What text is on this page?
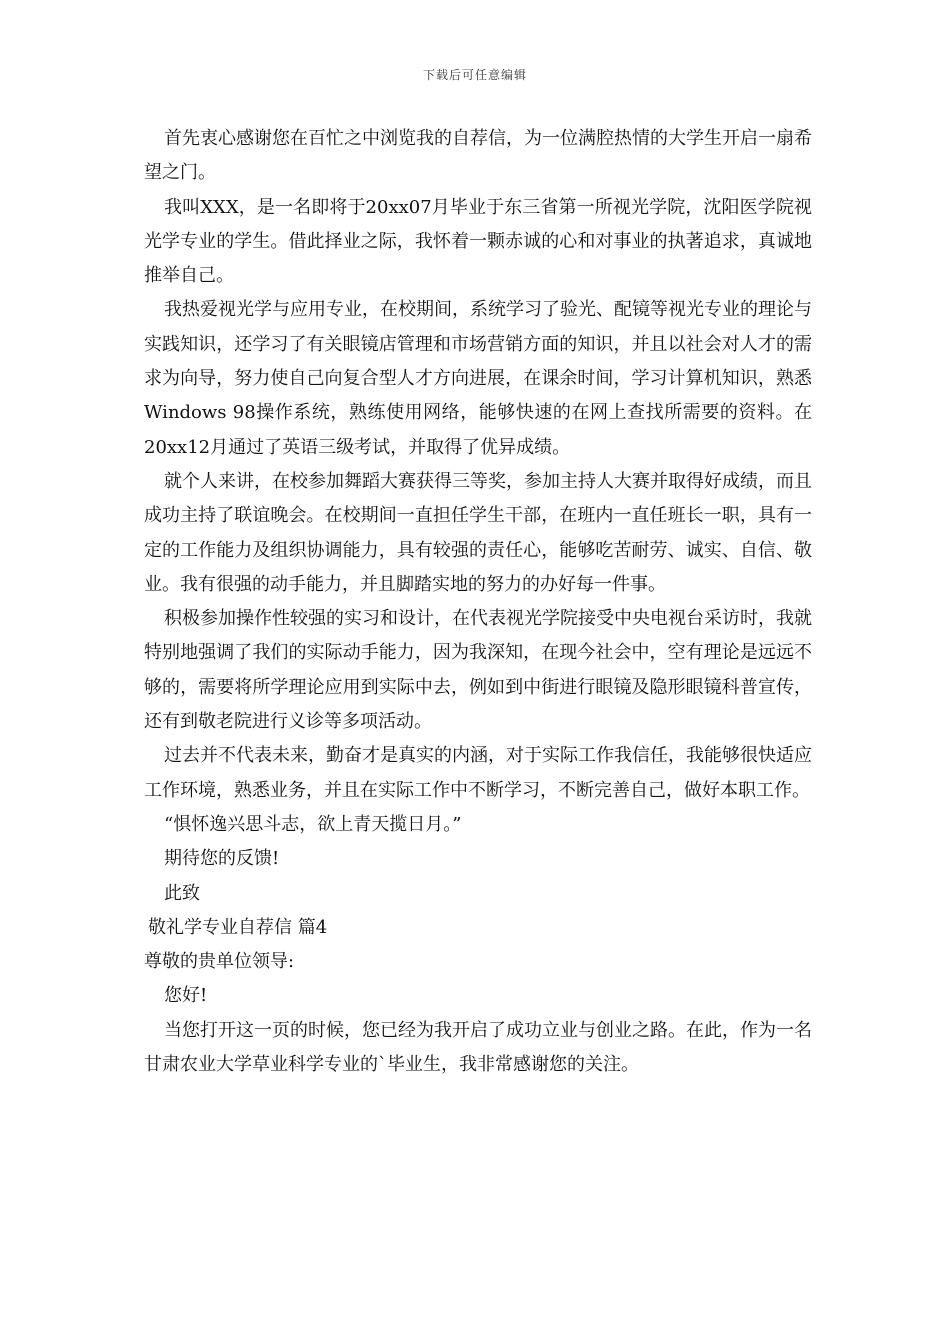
下载后可任意编辑

首先衷心感谢您在百忙之中浏览我的自荐信，为一位满腔热情的大学生开启一扇希望之门。

我叫XXX，是一名即将于20xx07月毕业于东三省第一所视光学院，沈阳医学院视光学专业的学生。借此择业之际，我怀着一颗赤诚的心和对事业的执著追求，真诚地推举自己。

我热爱视光学与应用专业，在校期间，系统学习了验光、配镜等视光专业的理论与实践知识，还学习了有关眼镜店管理和市场营销方面的知识，并且以社会对人才的需求为向导，努力使自己向复合型人才方向进展，在课余时间，学习计算机知识，熟悉Windows 98操作系统，熟练使用网络，能够快速的在网上查找所需要的资料。在20xx12月通过了英语三级考试，并取得了优异成绩。

就个人来讲，在校参加舞蹈大赛获得三等奖，参加主持人大赛并取得好成绩，而且成功主持了联谊晚会。在校期间一直担任学生干部，在班内一直任班长一职，具有一定的工作能力及组织协调能力，具有较强的责任心，能够吃苦耐劳、诚实、自信、敬业。我有很强的动手能力，并且脚踏实地的努力的办好每一件事。

积极参加操作性较强的实习和设计，在代表视光学院接受中央电视台采访时，我就特别地强调了我们的实际动手能力，因为我深知，在现今社会中，空有理论是远远不够的，需要将所学理论应用到实际中去，例如到中街进行眼镜及隐形眼镜科普宣传，还有到敬老院进行义诊等多项活动。

过去并不代表未来，勤奋才是真实的内涵，对于实际工作我信任，我能够很快适应工作环境，熟悉业务，并且在实际工作中不断学习，不断完善自己，做好本职工作。

“惧怀逸兴思斗志，欲上青天揽日月。”

期待您的反馈!

此致

敬礼学专业自荐信 篇4

尊敬的贵单位领导:

您好!

当您打开这一页的时候，您已经为我开启了成功立业与创业之路。在此，作为一名甘肃农业大学草业科学专业的`毕业生，我非常感谢您的关注。
